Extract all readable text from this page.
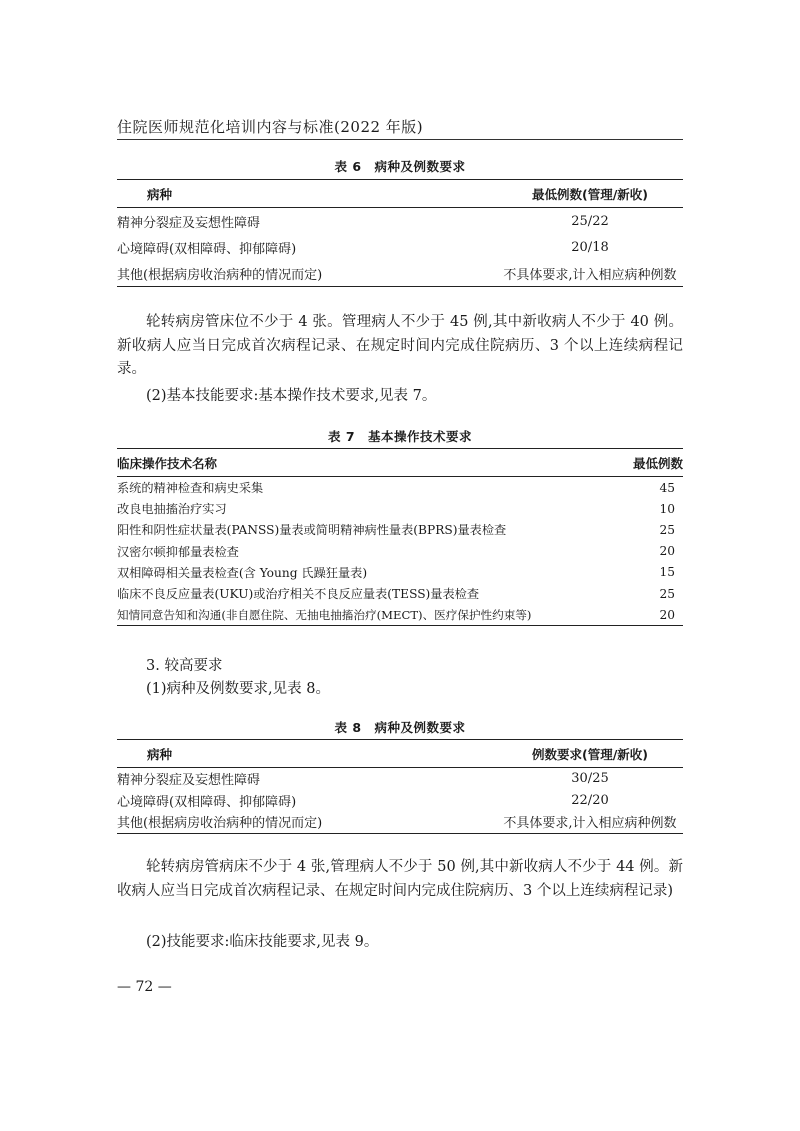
住院医师规范化培训内容与标准(2022 年版)
表 6　病种及例数要求
病种	最低例数(管理/新收)
精神分裂症及妄想性障碍	25/22
心境障碍(双相障碍、抑郁障碍)	20/18
其他(根据病房收治病种的情况而定)	不具体要求,计入相应病种例数
轮转病房管床位不少于 4 张。管理病人不少于 45 例,其中新收病人不少于 40 例。新收病人应当日完成首次病程记录、在规定时间内完成住院病历、3 个以上连续病程记录。
(2)基本技能要求:基本操作技术要求,见表 7。
表 7　基本操作技术要求
临床操作技术名称	最低例数
系统的精神检查和病史采集	45
改良电抽搐治疗实习	10
阳性和阴性症状量表(PANSS)量表或简明精神病性量表(BPRS)量表检查	25
汉密尔顿抑郁量表检查	20
双相障碍相关量表检查(含 Young 氏躁狂量表)	15
临床不良反应量表(UKU)或治疗相关不良反应量表(TESS)量表检查	25
知情同意告知和沟通(非自愿住院、无抽电抽搐治疗(MECT)、医疗保护性约束等)	20
3. 较高要求
(1)病种及例数要求,见表 8。
表 8　病种及例数要求
病种	例数要求(管理/新收)
精神分裂症及妄想性障碍	30/25
心境障碍(双相障碍、抑郁障碍)	22/20
其他(根据病房收治病种的情况而定)	不具体要求,计入相应病种例数
轮转病房管病床不少于 4 张,管理病人不少于 50 例,其中新收病人不少于 44 例。新收病人应当日完成首次病程记录、在规定时间内完成住院病历、3 个以上连续病程记录)
(2)技能要求:临床技能要求,见表 9。
— 72 —
